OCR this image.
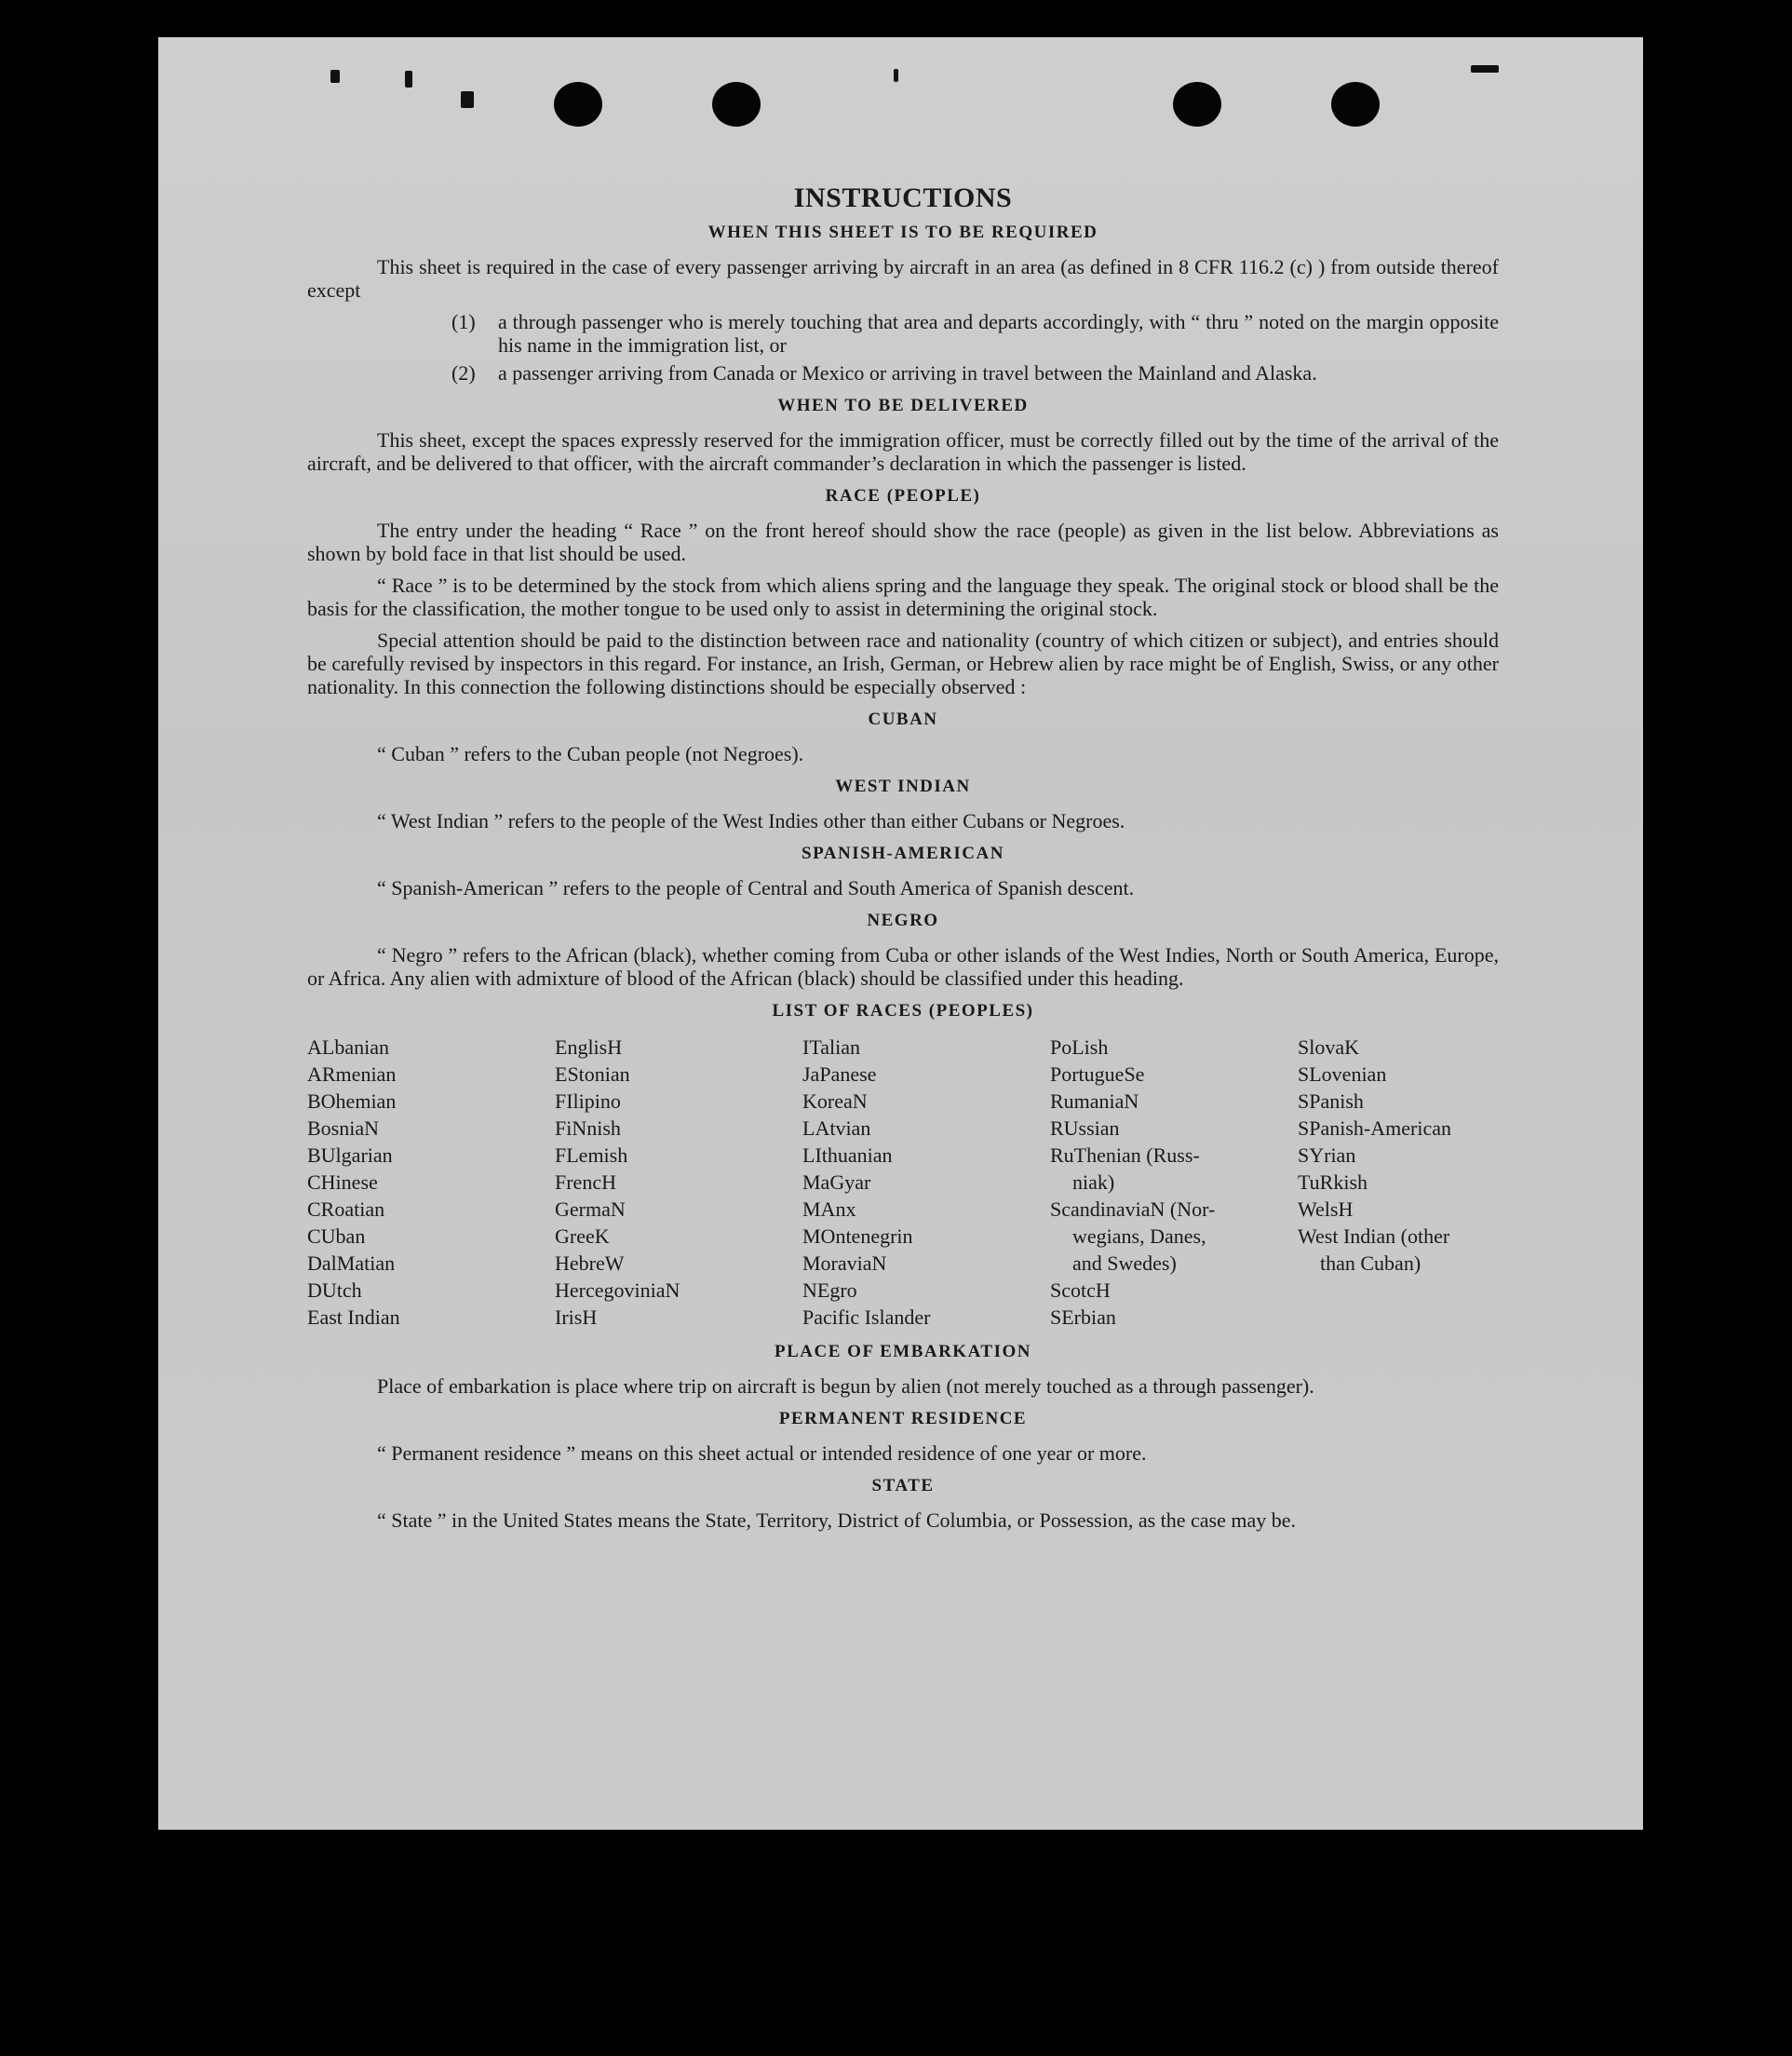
INSTRUCTIONS
WHEN THIS SHEET IS TO BE REQUIRED

This sheet is required in the case of every passenger arriving by aircraft in an area (as defined in 8 CFR 116.2 (c) ) from outside thereof except

(1)	a through passenger who is merely touching that area and departs accordingly, with “ thru ” noted on the margin opposite his name in the immigration list, or
(2)	a passenger arriving from Canada or Mexico or arriving in travel between the Mainland and Alaska.
WHEN TO BE DELIVERED

This sheet, except the spaces expressly reserved for the immigration officer, must be correctly filled out by the time of the arrival of the aircraft, and be delivered to that officer, with the aircraft commander’s declaration in which the passenger is listed.

RACE (PEOPLE)

The entry under the heading “ Race ” on the front hereof should show the race (people) as given in the list below. Abbreviations as shown by bold face in that list should be used.

“ Race ” is to be determined by the stock from which aliens spring and the language they speak. The original stock or blood shall be the basis for the classification, the mother tongue to be used only to assist in determining the original stock.

Special attention should be paid to the distinction between race and nationality (country of which citizen or subject), and entries should be carefully revised by inspectors in this regard. For instance, an Irish, German, or Hebrew alien by race might be of English, Swiss, or any other nationality. In this connection the following distinctions should be especially observed :

CUBAN

“ Cuban ” refers to the Cuban people (not Negroes).

WEST INDIAN

“ West Indian ” refers to the people of the West Indies other than either Cubans or Negroes.

SPANISH-AMERICAN

“ Spanish-American ” refers to the people of Central and South America of Spanish descent.

NEGRO

“ Negro ” refers to the African (black), whether coming from Cuba or other islands of the West Indies, North or South America, Europe, or Africa. Any alien with admixture of blood of the African (black) should be classified under this heading.

LIST OF RACES (PEOPLES)
ALbanian
ARmenian
BOhemian
BosniaN
BUlgarian
CHinese
CRoatian
CUban
DalMatian
DUtch
East Indian
EnglisH
EStonian
FIlipino
FiNnish
FLemish
FrencH
GermaN
GreeK
HebreW
HercegoviniaN
IrisH
ITalian
JaPanese
KoreaN
LAtvian
LIthuanian
MaGyar
MAnx
MOntenegrin
MoraviaN
NEgro
Pacific Islander
PoLish
PortugueSe
RumaniaN
RUssian
RuThenian (Russ-
niak)
ScandinaviaN (Nor-
wegians, Danes,
and Swedes)
ScotcH
SErbian
SlovaK
SLovenian
SPanish
SPanish-American
SYrian
TuRkish
WelsH
West Indian (other
than Cuban)

PLACE OF EMBARKATION

Place of embarkation is place where trip on aircraft is begun by alien (not merely touched as a through passenger).

PERMANENT RESIDENCE

“ Permanent residence ” means on this sheet actual or intended residence of one year or more.

STATE

“ State ” in the United States means the State, Territory, District of Columbia, or Possession, as the case may be.
